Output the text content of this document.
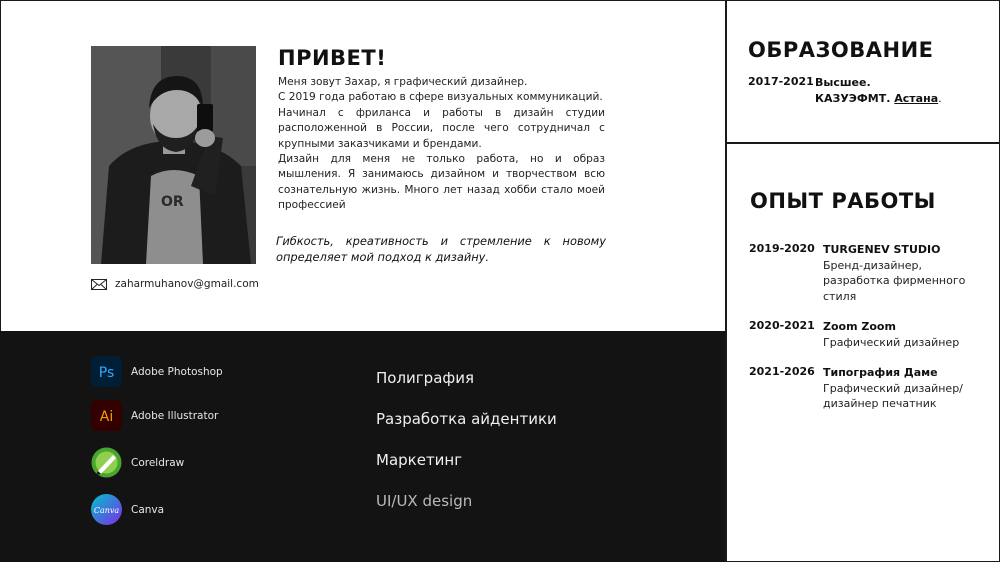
OR
zaharmuhanov@gmail.com
ПРИВЕТ!

Меня зовут Захар, я графический дизайнер.

С 2019 года работаю в сфере визуальных коммуникаций.

Начинал с фриланса и работы в дизайн студии расположенной в России, после чего сотрудничал с крупными заказчиками и брендами.

Дизайн для меня не только работа, но и образ мышления. Я занимаюсь дизайном и творчеством всю сознательную жизнь. Много лет назад хобби стало моей профессией

Гибкость, креативность и стремление к новому определяет мой подход к дизайну.
Ps Adobe Photoshop
Ai Adobe Illustrator
Coreldraw
Canva Canva
Полиграфия
Разработка айдентики
Маркетинг
UI/UX design
ОБРАЗОВАНИЕ
2017-2021 Высшее.
КАЗУЭФМТ. Астана.
ОПЫТ РАБОТЫ
2019-2020 TURGENEV STUDIO
Бренд-дизайнер, разработка фирменного стиля
2020-2021 Zoom Zoom
Графический дизайнер
2021-2026 Типография Даме
Графический дизайнер/дизайнер печатник
